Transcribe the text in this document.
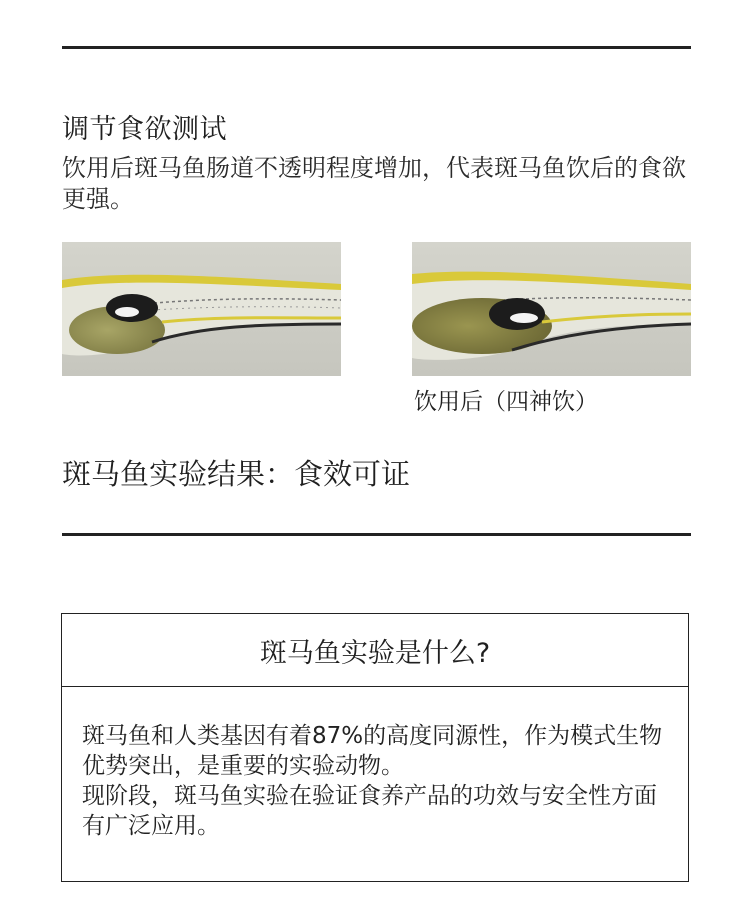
调节食欲测试
饮用后斑马鱼肠道不透明程度增加，代表斑马鱼饮后的食欲更强。
饮用后（四神饮）
斑马鱼实验结果：食效可证
斑马鱼实验是什么?

斑马鱼和人类基因有着87%的高度同源性，作为模式生物优势突出，是重要的实验动物。

现阶段，斑马鱼实验在验证食养产品的功效与安全性方面有广泛应用。
